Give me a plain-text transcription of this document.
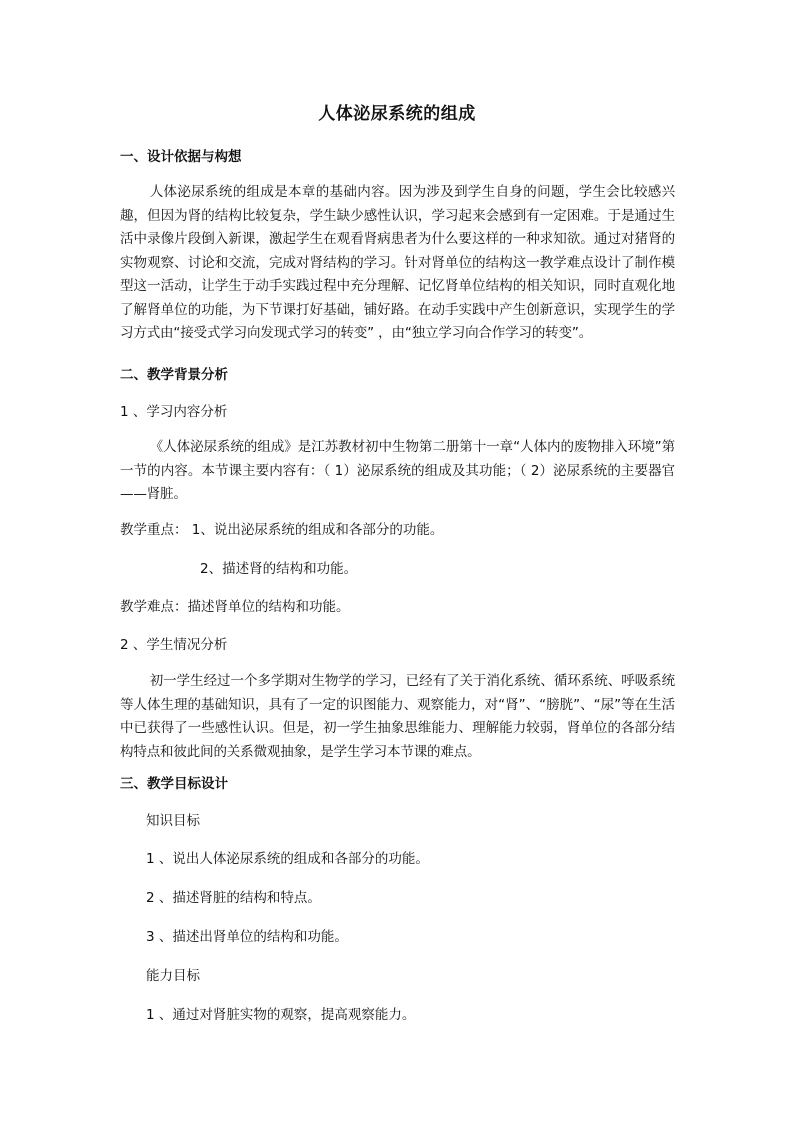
人体泌尿系统的组成
一、设计依据与构想
人体泌尿系统的组成是本章的基础内容。因为涉及到学生自身的问题，学生会比较感兴趣，但因为肾的结构比较复杂，学生缺少感性认识，学习起来会感到有一定困难。于是通过生活中录像片段倒入新课，激起学生在观看肾病患者为什么要这样的一种求知欲。通过对猪肾的实物观察、讨论和交流，完成对肾结构的学习。针对肾单位的结构这一教学难点设计了制作模型这一活动，让学生于动手实践过程中充分理解、记忆肾单位结构的相关知识，同时直观化地了解肾单位的功能，为下节课打好基础，铺好路。在动手实践中产生创新意识，实现学生的学习方式由“接受式学习向发现式学习的转变” ，由“独立学习向合作学习的转变”。
二、教学背景分析
1 、学习内容分析
《人体泌尿系统的组成》是江苏教材初中生物第二册第十一章“人体内的废物排入环境”第一节的内容。本节课主要内容有：（ 1）泌尿系统的组成及其功能；（ 2）泌尿系统的主要器官——肾脏。
教学重点： 1、说出泌尿系统的组成和各部分的功能。
2、描述肾的结构和功能。
教学难点：描述肾单位的结构和功能。
2 、学生情况分析
初一学生经过一个多学期对生物学的学习，已经有了关于消化系统、循环系统、呼吸系统等人体生理的基础知识，具有了一定的识图能力、观察能力，对“肾”、“膀胱”、“尿”等在生活中已获得了一些感性认识。但是，初一学生抽象思维能力、理解能力较弱，肾单位的各部分结构特点和彼此间的关系微观抽象，是学生学习本节课的难点。
三、教学目标设计
知识目标
1 、说出人体泌尿系统的组成和各部分的功能。
2 、描述肾脏的结构和特点。
3 、描述出肾单位的结构和功能。
能力目标
1 、通过对肾脏实物的观察，提高观察能力。
